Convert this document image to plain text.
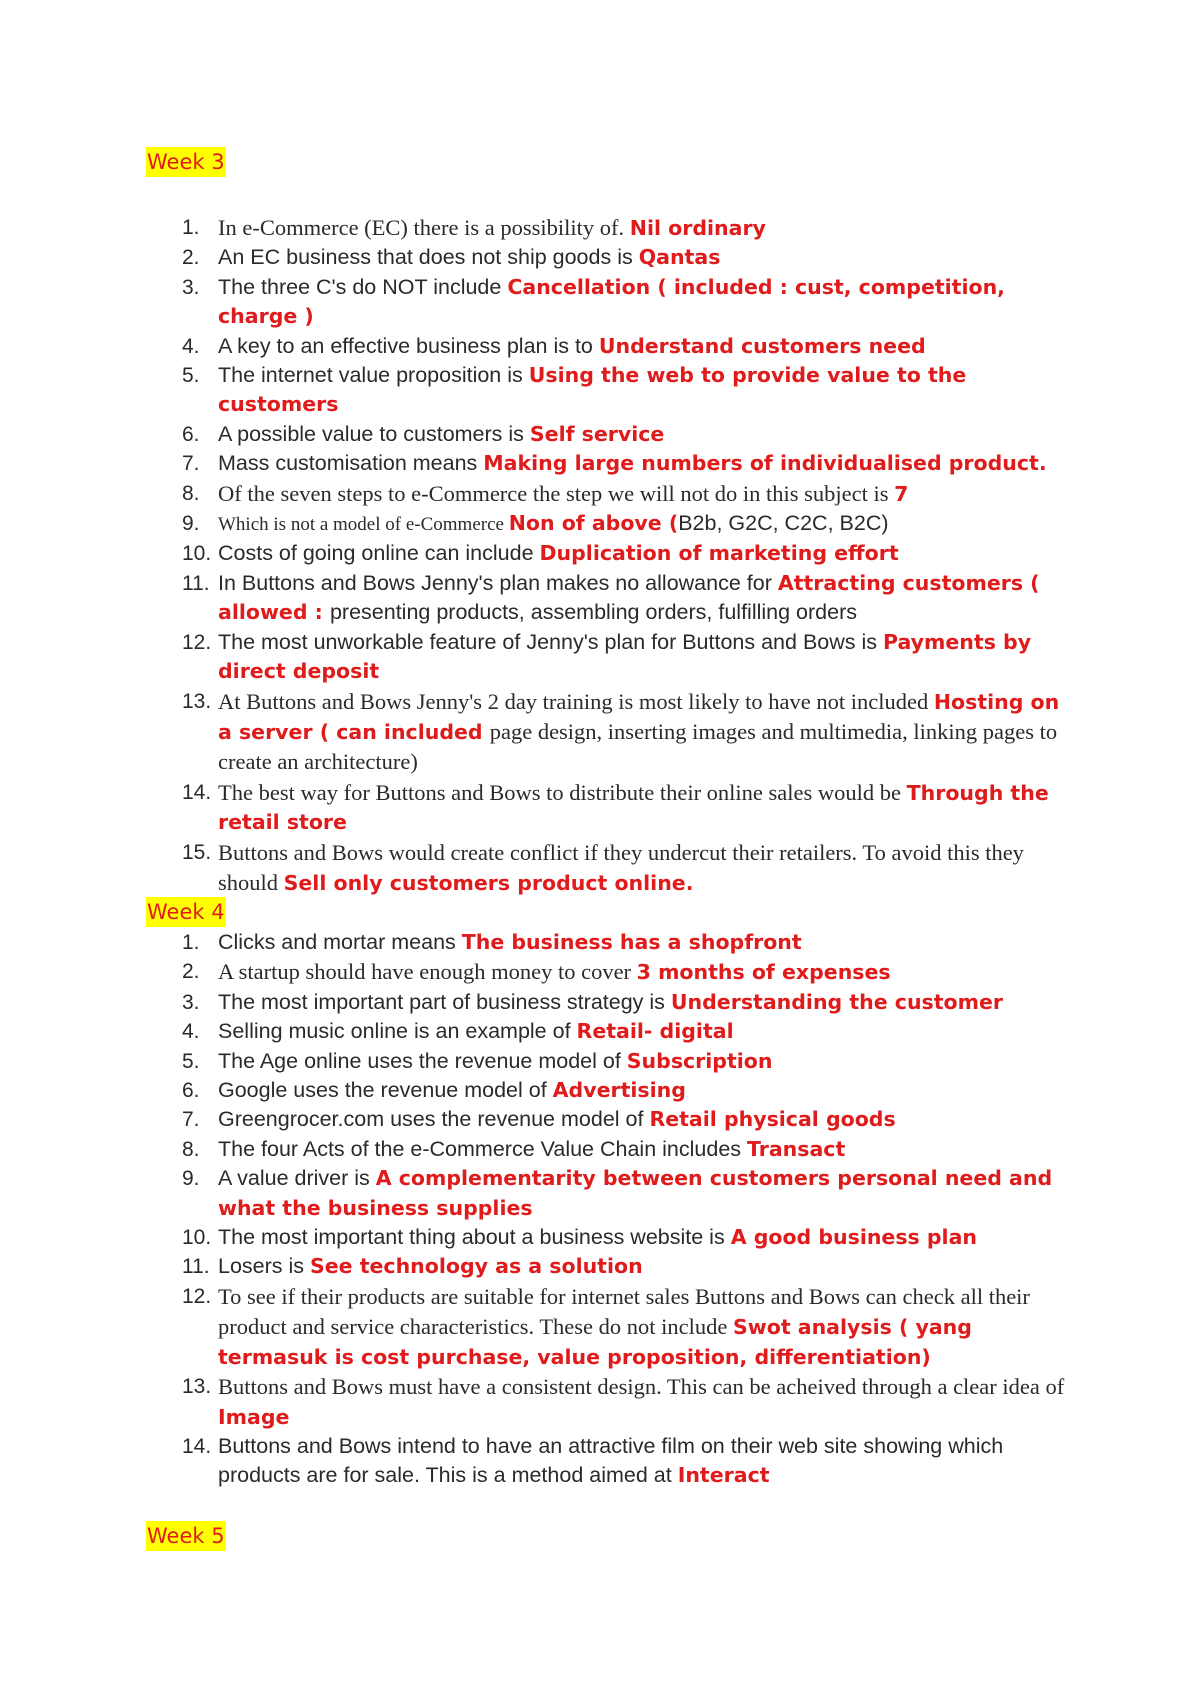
Week 3
1. In e-Commerce (EC) there is a possibility of. Nil ordinary
2. An EC business that does not ship goods is Qantas
3. The three C's do NOT include Cancellation ( included : cust, competition, charge )
4. A key to an effective business plan is to Understand customers need
5. The internet value proposition is Using the web to provide value to the customers
6. A possible value to customers is Self service
7. Mass customisation means Making large numbers of individualised product.
8. Of the seven steps to e-Commerce the step we will not do in this subject is 7
9. Which is not a model of e-Commerce Non of above (B2b, G2C, C2C, B2C)
10. Costs of going online can include Duplication of marketing effort
11. In Buttons and Bows Jenny's plan makes no allowance for Attracting customers ( allowed : presenting products, assembling orders, fulfilling orders
12. The most unworkable feature of Jenny's plan for Buttons and Bows is Payments by direct deposit
13. At Buttons and Bows Jenny's 2 day training is most likely to have not included Hosting on a server ( can included page design, inserting images and multimedia, linking pages to create an architecture)
14. The best way for Buttons and Bows to distribute their online sales would be Through the retail store
15. Buttons and Bows would create conflict if they undercut their retailers. To avoid this they should Sell only customers product online.
Week 4
1. Clicks and mortar means The business has a shopfront
2. A startup should have enough money to cover 3 months of expenses
3. The most important part of business strategy is Understanding the customer
4. Selling music online is an example of Retail- digital
5. The Age online uses the revenue model of Subscription
6. Google uses the revenue model of Advertising
7. Greengrocer.com uses the revenue model of Retail physical goods
8. The four Acts of the e-Commerce Value Chain includes Transact
9. A value driver is A complementarity between customers personal need and what the business supplies
10. The most important thing about a business website is A good business plan
11. Losers is See technology as a solution
12. To see if their products are suitable for internet sales Buttons and Bows can check all their product and service characteristics. These do not include Swot analysis ( yang termasuk is cost purchase, value proposition, differentiation)
13. Buttons and Bows must have a consistent design. This can be acheived through a clear idea of Image
14. Buttons and Bows intend to have an attractive film on their web site showing which products are for sale. This is a method aimed at Interact
Week 5
